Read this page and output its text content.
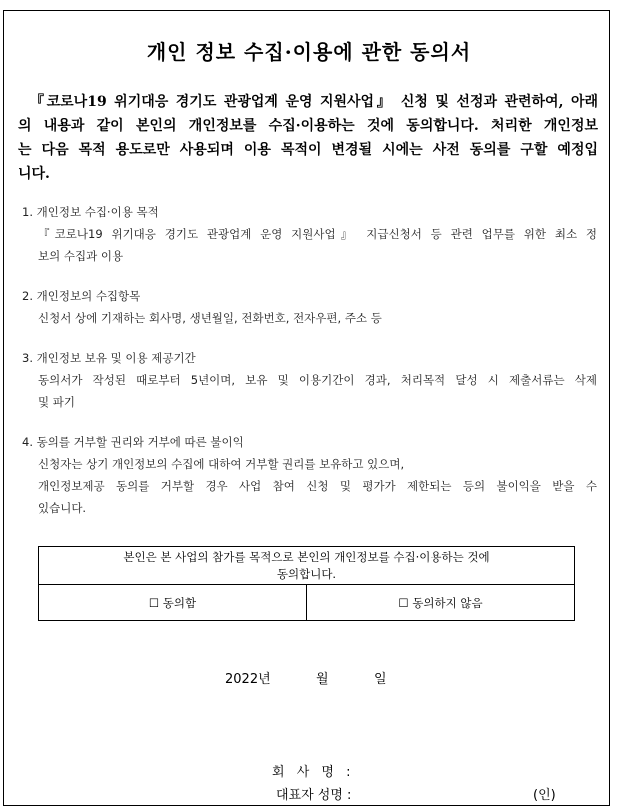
개인 정보 수집·이용에 관한 동의서
『코로나19 위기대응 경기도 관광업계 운영 지원사업』 신청 및 선정과 관련하여, 아래
의 내용과 같이 본인의 개인정보를 수집·이용하는 것에 동의합니다. 처리한 개인정보
는 다음 목적 용도로만 사용되며 이용 목적이 변경될 시에는 사전 동의를 구할 예정입
니다.
1. 개인정보 수집·이용 목적
『코로나19 위기대응 경기도 관광업계 운영 지원사업』 지급신청서 등 관련 업무를 위한 최소 정
보의 수집과 이용
2. 개인정보의 수집항목
신청서 상에 기재하는 회사명, 생년월일, 전화번호, 전자우편, 주소 등
3. 개인정보 보유 및 이용 제공기간
동의서가 작성된 때로부터 5년이며, 보유 및 이용기간이 경과, 처리목적 달성 시 제출서류는 삭제
및 파기
4. 동의를 거부할 권리와 거부에 따른 불이익
신청자는 상기 개인정보의 수집에 대하여 거부할 권리를 보유하고 있으며,
개인정보제공 동의를 거부할 경우 사업 참여 신청 및 평가가 제한되는 등의 불이익을 받을 수
있습니다.
본인은 본 사업의 참가를 목적으로 본인의 개인정보를 수집·이용하는 것에
동의합니다.

☐ 동의함	☐ 동의하지 않음
2022년	월	일
회 사 명 :
대표자 성명 :	(인)
